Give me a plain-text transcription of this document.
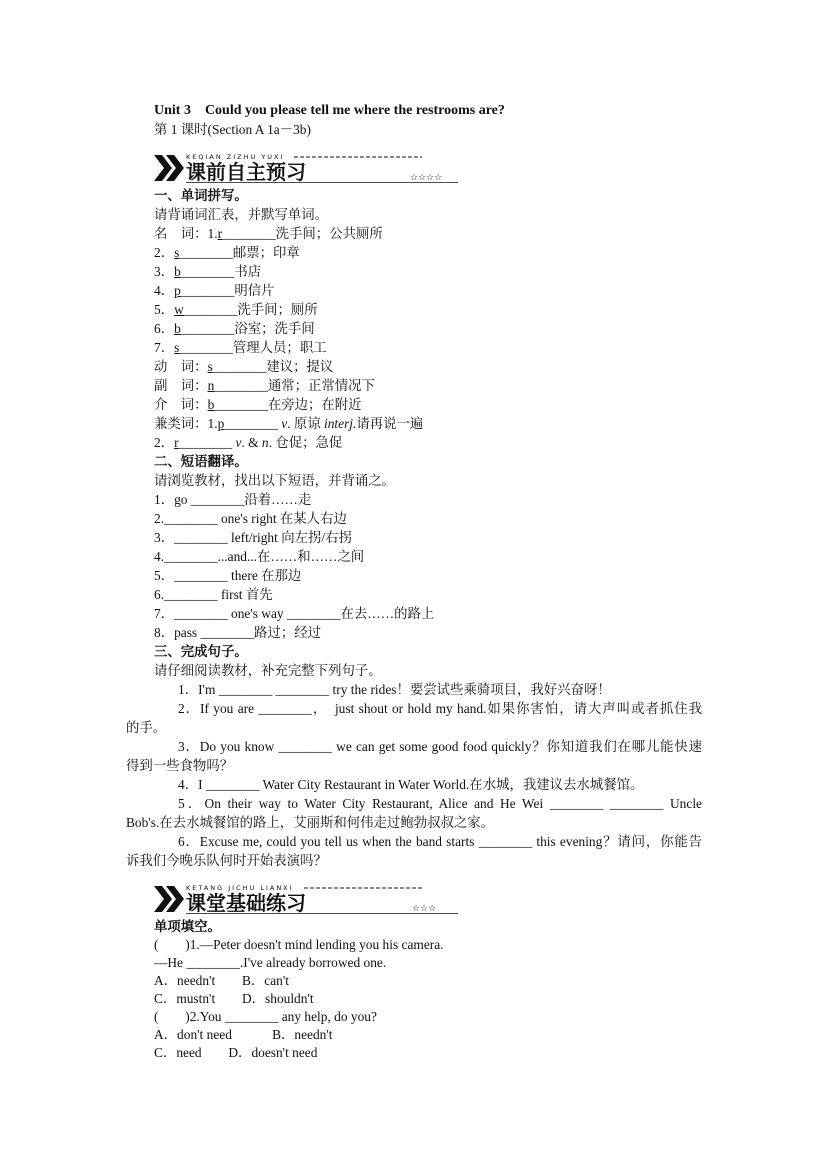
Unit 3　Could you please tell me where the restrooms are?
第 1 课时(Section A 1a－3b)
KEQIAN ZIZHU YUXI
课前自主预习	☆☆☆☆
一、单词拼写。
请背诵词汇表，并默写单词。
名　词：1.r________洗手间；公共厕所
2．s________邮票；印章
3．b________书店
4．p________明信片
5．w________洗手间；厕所
6．b________浴室；洗手间
7．s________管理人员；职工
动　词：s________建议；提议
副　词：n________通常；正常情况下
介　词：b________在旁边；在附近
兼类词：1.p________ v. 原谅 interj.请再说一遍
2．r________ v. & n. 仓促；急促
二、短语翻译。
请浏览教材，找出以下短语，并背诵之。
1．go ________沿着……走
2.________ one's right 在某人右边
3．________ left/right 向左拐/右拐
4.________...and...在……和……之间
5．________ there 在那边
6.________ first 首先
7．________ one's way ________在去……的路上
8．pass ________路过；经过
三、完成句子。
请仔细阅读教材，补充完整下列句子。
1．I'm ________ ________ try the rides！要尝试些乘骑项目，我好兴奋呀！
2．If you are ________，　just shout or hold my hand.如果你害怕，请大声叫或者抓住我
的手。
3．Do you know ________ we can get some good food quickly？你知道我们在哪儿能快速
得到一些食物吗？
4．I ________ Water City Restaurant in Water World.在水城，我建议去水城餐馆。
5．On their way to Water City Restaurant, Alice and He Wei ________ ________ Uncle
Bob's.在去水城餐馆的路上，艾丽斯和何伟走过鲍勃叔叔之家。
6．Excuse me, could you tell us when the band starts ________ this evening？请问，你能告
诉我们今晚乐队何时开始表演吗？
KETANG JICHU LIANXI
课堂基础练习	☆☆☆
单项填空。
(　　)1.—Peter doesn't mind lending you his camera.
—He ________.I've already borrowed one.
A．needn't　　B．can't
C．mustn't　　D．shouldn't
(　　)2.You ________ any help, do you?
A．don't need　　　B．needn't
C．need　　D．doesn't need
